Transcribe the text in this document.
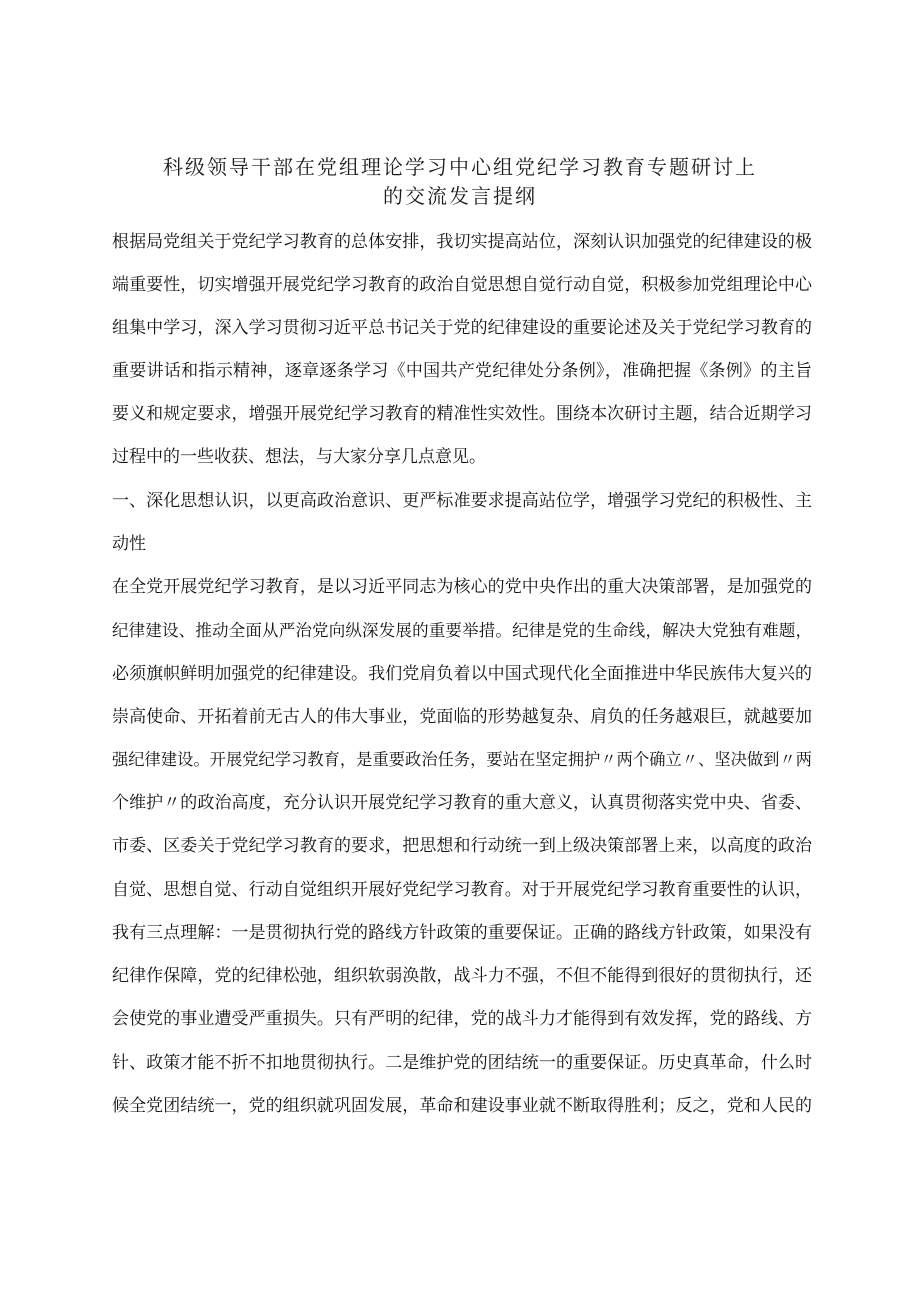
科级领导干部在党组理论学习中心组党纪学习教育专题研讨上
的交流发言提纲
根据局党组关于党纪学习教育的总体安排，我切实提高站位，深刻认识加强党的纪律建设的极
端重要性，切实增强开展党纪学习教育的政治自觉思想自觉行动自觉，积极参加党组理论中心
组集中学习，深入学习贯彻习近平总书记关于党的纪律建设的重要论述及关于党纪学习教育的
重要讲话和指示精神，逐章逐条学习《中国共产党纪律处分条例》，准确把握《条例》的主旨
要义和规定要求，增强开展党纪学习教育的精准性实效性。围绕本次研讨主题，结合近期学习
过程中的一些收获、想法，与大家分享几点意见。
一、深化思想认识，以更高政治意识、更严标准要求提高站位学，增强学习党纪的积极性、主
动性
在全党开展党纪学习教育，是以习近平同志为核心的党中央作出的重大决策部署，是加强党的
纪律建设、推动全面从严治党向纵深发展的重要举措。纪律是党的生命线，解决大党独有难题，
必须旗帜鲜明加强党的纪律建设。我们党肩负着以中国式现代化全面推进中华民族伟大复兴的
崇高使命、开拓着前无古人的伟大事业，党面临的形势越复杂、肩负的任务越艰巨，就越要加
强纪律建设。开展党纪学习教育，是重要政治任务，要站在坚定拥护〃两个确立〃、坚决做到〃两
个维护〃的政治高度，充分认识开展党纪学习教育的重大意义，认真贯彻落实党中央、省委、
市委、区委关于党纪学习教育的要求，把思想和行动统一到上级决策部署上来，以高度的政治
自觉、思想自觉、行动自觉组织开展好党纪学习教育。对于开展党纪学习教育重要性的认识，
我有三点理解：一是贯彻执行党的路线方针政策的重要保证。正确的路线方针政策，如果没有
纪律作保障，党的纪律松弛，组织软弱涣散，战斗力不强，不但不能得到很好的贯彻执行，还
会使党的事业遭受严重损失。只有严明的纪律，党的战斗力才能得到有效发挥，党的路线、方
针、政策才能不折不扣地贯彻执行。二是维护党的团结统一的重要保证。历史真革命，什么时
候全党团结统一，党的组织就巩固发展，革命和建设事业就不断取得胜利；反之，党和人民的
